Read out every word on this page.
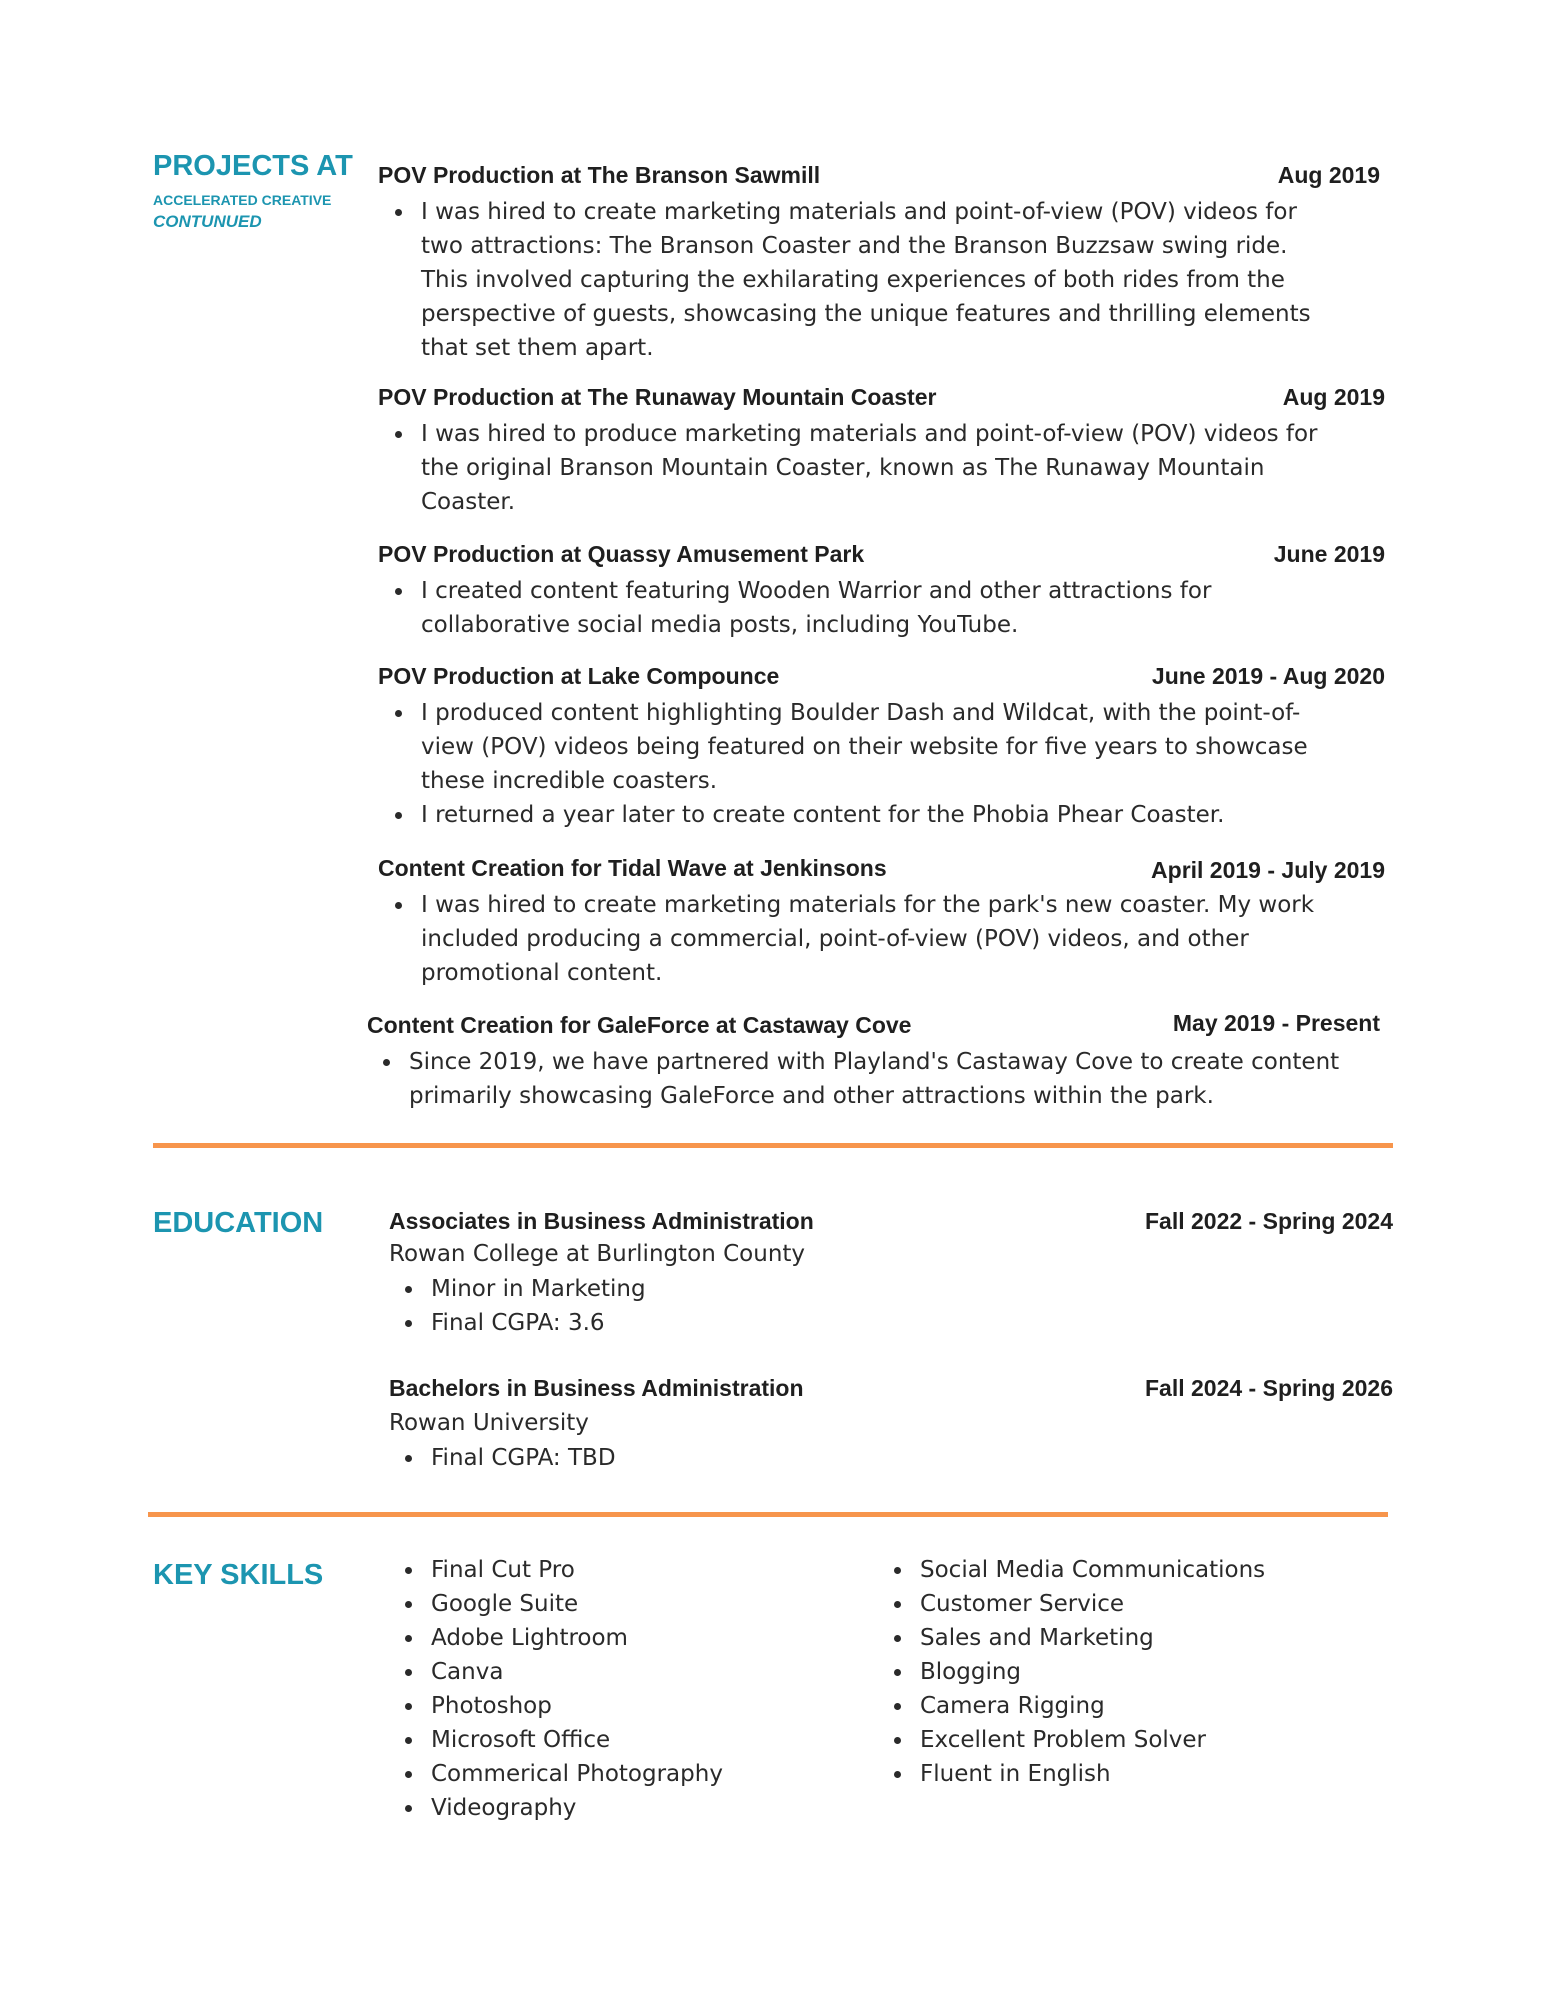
PROJECTS AT
ACCELERATED CREATIVE
CONTUNUED
POV Production at The Branson Sawmill	Aug 2019
I was hired to create marketing materials and point-of-view (POV) videos for two attractions: The Branson Coaster and the Branson Buzzsaw swing ride. This involved capturing the exhilarating experiences of both rides from the perspective of guests, showcasing the unique features and thrilling elements that set them apart.
POV Production at The Runaway Mountain Coaster	Aug 2019
I was hired to produce marketing materials and point-of-view (POV) videos for the original Branson Mountain Coaster, known as The Runaway Mountain Coaster.
POV Production at Quassy Amusement Park	June 2019
I created content featuring Wooden Warrior and other attractions for collaborative social media posts, including YouTube.
POV Production at Lake Compounce	June 2019 - Aug 2020
I produced content highlighting Boulder Dash and Wildcat, with the point-of-view (POV) videos being featured on their website for five years to showcase these incredible coasters.
I returned a year later to create content for the Phobia Phear Coaster.
Content Creation for Tidal Wave at Jenkinsons	April 2019 - July 2019
I was hired to create marketing materials for the park's new coaster. My work included producing a commercial, point-of-view (POV) videos, and other promotional content.
Content Creation for GaleForce at Castaway Cove	May 2019 - Present
Since 2019, we have partnered with Playland's Castaway Cove to create content primarily showcasing GaleForce and other attractions within the park.
EDUCATION	Associates in Business Administration	Fall 2022 - Spring 2024
Rowan College at Burlington County
Minor in Marketing
Final CGPA: 3.6
Bachelors in Business Administration	Fall 2024 - Spring 2026
Rowan University
Final CGPA: TBD
KEY SKILLS	Final Cut Pro
Google Suite
Adobe Lightroom
Canva
Photoshop
Microsoft Office
Commerical Photography
Videography
Social Media Communications
Customer Service
Sales and Marketing
Blogging
Camera Rigging
Excellent Problem Solver
Fluent in English
